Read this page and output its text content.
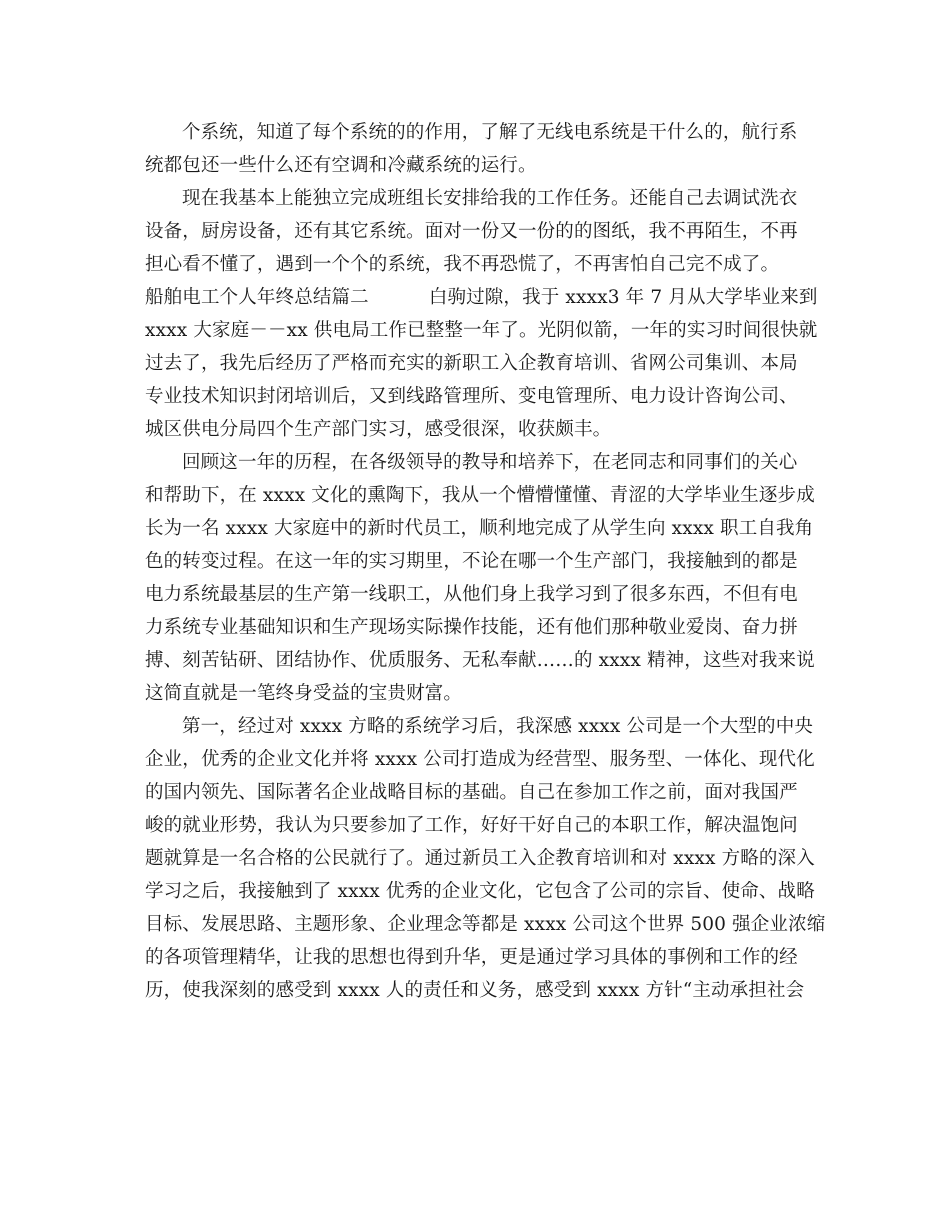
个系统，知道了每个系统的的作用，了解了无线电系统是干什么的，航行系
统都包还一些什么还有空调和冷藏系统的运行。
现在我基本上能独立完成班组长安排给我的工作任务。还能自己去调试洗衣
设备，厨房设备，还有其它系统。面对一份又一份的的图纸，我不再陌生，不再
担心看不懂了，遇到一个个的系统，我不再恐慌了，不再害怕自己完不成了。
船舶电工个人年终总结篇二	白驹过隙，我于 xxxx3 年 7 月从大学毕业来到
xxxx 大家庭－－xx 供电局工作已整整一年了。光阴似箭，一年的实习时间很快就
过去了，我先后经历了严格而充实的新职工入企教育培训、省网公司集训、本局
专业技术知识封闭培训后，又到线路管理所、变电管理所、电力设计咨询公司、
城区供电分局四个生产部门实习，感受很深，收获颇丰。
回顾这一年的历程，在各级领导的教导和培养下，在老同志和同事们的关心
和帮助下，在 xxxx 文化的熏陶下，我从一个懵懵懂懂、青涩的大学毕业生逐步成
长为一名 xxxx 大家庭中的新时代员工，顺利地完成了从学生向 xxxx 职工自我角
色的转变过程。在这一年的实习期里，不论在哪一个生产部门，我接触到的都是
电力系统最基层的生产第一线职工，从他们身上我学习到了很多东西，不但有电
力系统专业基础知识和生产现场实际操作技能，还有他们那种敬业爱岗、奋力拼
搏、刻苦钻研、团结协作、优质服务、无私奉献……的 xxxx 精神，这些对我来说
这简直就是一笔终身受益的宝贵财富。
第一，经过对 xxxx 方略的系统学习后，我深感 xxxx 公司是一个大型的中央
企业，优秀的企业文化并将 xxxx 公司打造成为经营型、服务型、一体化、现代化
的国内领先、国际著名企业战略目标的基础。自己在参加工作之前，面对我国严
峻的就业形势，我认为只要参加了工作，好好干好自己的本职工作，解决温饱问
题就算是一名合格的公民就行了。通过新员工入企教育培训和对 xxxx 方略的深入
学习之后，我接触到了 xxxx 优秀的企业文化，它包含了公司的宗旨、使命、战略
目标、发展思路、主题形象、企业理念等都是 xxxx 公司这个世界 500 强企业浓缩
的各项管理精华，让我的思想也得到升华，更是通过学习具体的事例和工作的经
历，使我深刻的感受到 xxxx 人的责任和义务，感受到 xxxx 方针“主动承担社会
